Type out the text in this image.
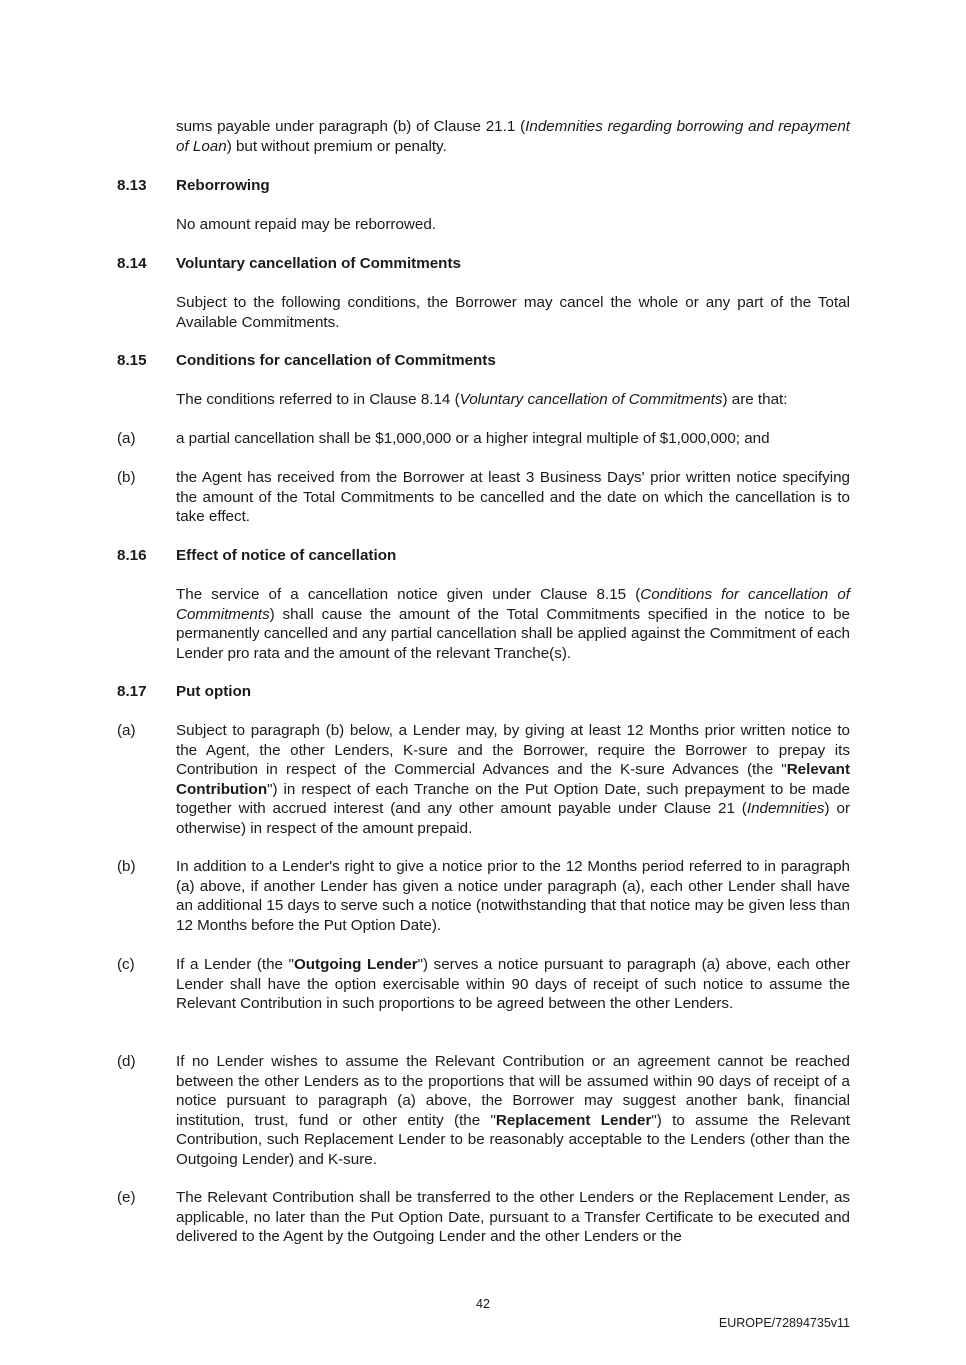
sums payable under paragraph (b) of Clause 21.1 (Indemnities regarding borrowing and repayment of Loan) but without premium or penalty.

8.13 Reborrowing

No amount repaid may be reborrowed.

8.14 Voluntary cancellation of Commitments

Subject to the following conditions, the Borrower may cancel the whole or any part of the Total Available Commitments.

8.15 Conditions for cancellation of Commitments

The conditions referred to in Clause 8.14 (Voluntary cancellation of Commitments) are that:

(a)	a partial cancellation shall be $1,000,000 or a higher integral multiple of $1,000,000; and

(b)	the Agent has received from the Borrower at least 3 Business Days' prior written notice specifying the amount of the Total Commitments to be cancelled and the date on which the cancellation is to take effect.

8.16 Effect of notice of cancellation

The service of a cancellation notice given under Clause 8.15 (Conditions for cancellation of Commitments) shall cause the amount of the Total Commitments specified in the notice to be permanently cancelled and any partial cancellation shall be applied against the Commitment of each Lender pro rata and the amount of the relevant Tranche(s).

8.17 Put option

(a)	Subject to paragraph (b) below, a Lender may, by giving at least 12 Months prior written notice to the Agent, the other Lenders, K-sure and the Borrower, require the Borrower to prepay its Contribution in respect of the Commercial Advances and the K-sure Advances (the "Relevant Contribution") in respect of each Tranche on the Put Option Date, such prepayment to be made together with accrued interest (and any other amount payable under Clause 21 (Indemnities) or otherwise) in respect of the amount prepaid.

(b)	In addition to a Lender's right to give a notice prior to the 12 Months period referred to in paragraph (a) above, if another Lender has given a notice under paragraph (a), each other Lender shall have an additional 15 days to serve such a notice (notwithstanding that that notice may be given less than 12 Months before the Put Option Date).

(c)	If a Lender (the "Outgoing Lender") serves a notice pursuant to paragraph (a) above, each other Lender shall have the option exercisable within 90 days of receipt of such notice to assume the Relevant Contribution in such proportions to be agreed between the other Lenders.

(d)	If no Lender wishes to assume the Relevant Contribution or an agreement cannot be reached between the other Lenders as to the proportions that will be assumed within 90 days of receipt of a notice pursuant to paragraph (a) above, the Borrower may suggest another bank, financial institution, trust, fund or other entity (the "Replacement Lender") to assume the Relevant Contribution, such Replacement Lender to be reasonably acceptable to the Lenders (other than the Outgoing Lender) and K-sure.

(e)	The Relevant Contribution shall be transferred to the other Lenders or the Replacement Lender, as applicable, no later than the Put Option Date, pursuant to a Transfer Certificate to be executed and delivered to the Agent by the Outgoing Lender and the other Lenders or the

42
EUROPE/72894735v11
